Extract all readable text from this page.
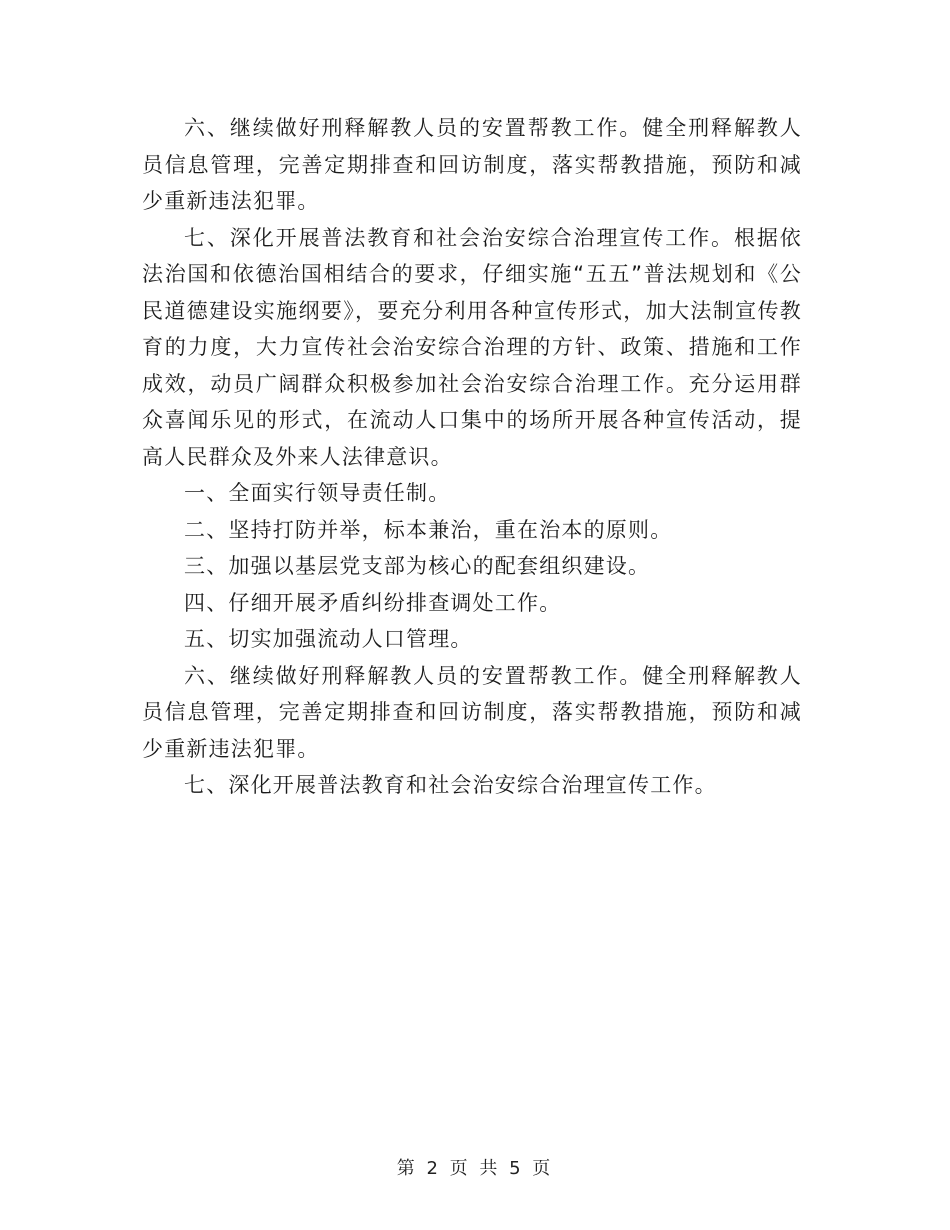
六、继续做好刑释解教人员的安置帮教工作。健全刑释解教人员信息管理，完善定期排查和回访制度，落实帮教措施，预防和减少重新违法犯罪。

七、深化开展普法教育和社会治安综合治理宣传工作。根据依法治国和依德治国相结合的要求，仔细实施“五五”普法规划和《公民道德建设实施纲要》，要充分利用各种宣传形式，加大法制宣传教育的力度，大力宣传社会治安综合治理的方针、政策、措施和工作成效，动员广阔群众积极参加社会治安综合治理工作。充分运用群众喜闻乐见的形式，在流动人口集中的场所开展各种宣传活动，提高人民群众及外来人法律意识。

一、全面实行领导责任制。

二、坚持打防并举，标本兼治，重在治本的原则。

三、加强以基层党支部为核心的配套组织建设。

四、仔细开展矛盾纠纷排查调处工作。

五、切实加强流动人口管理。

六、继续做好刑释解教人员的安置帮教工作。健全刑释解教人员信息管理，完善定期排查和回访制度，落实帮教措施，预防和减少重新违法犯罪。

七、深化开展普法教育和社会治安综合治理宣传工作。

第 2 页 共 5 页
